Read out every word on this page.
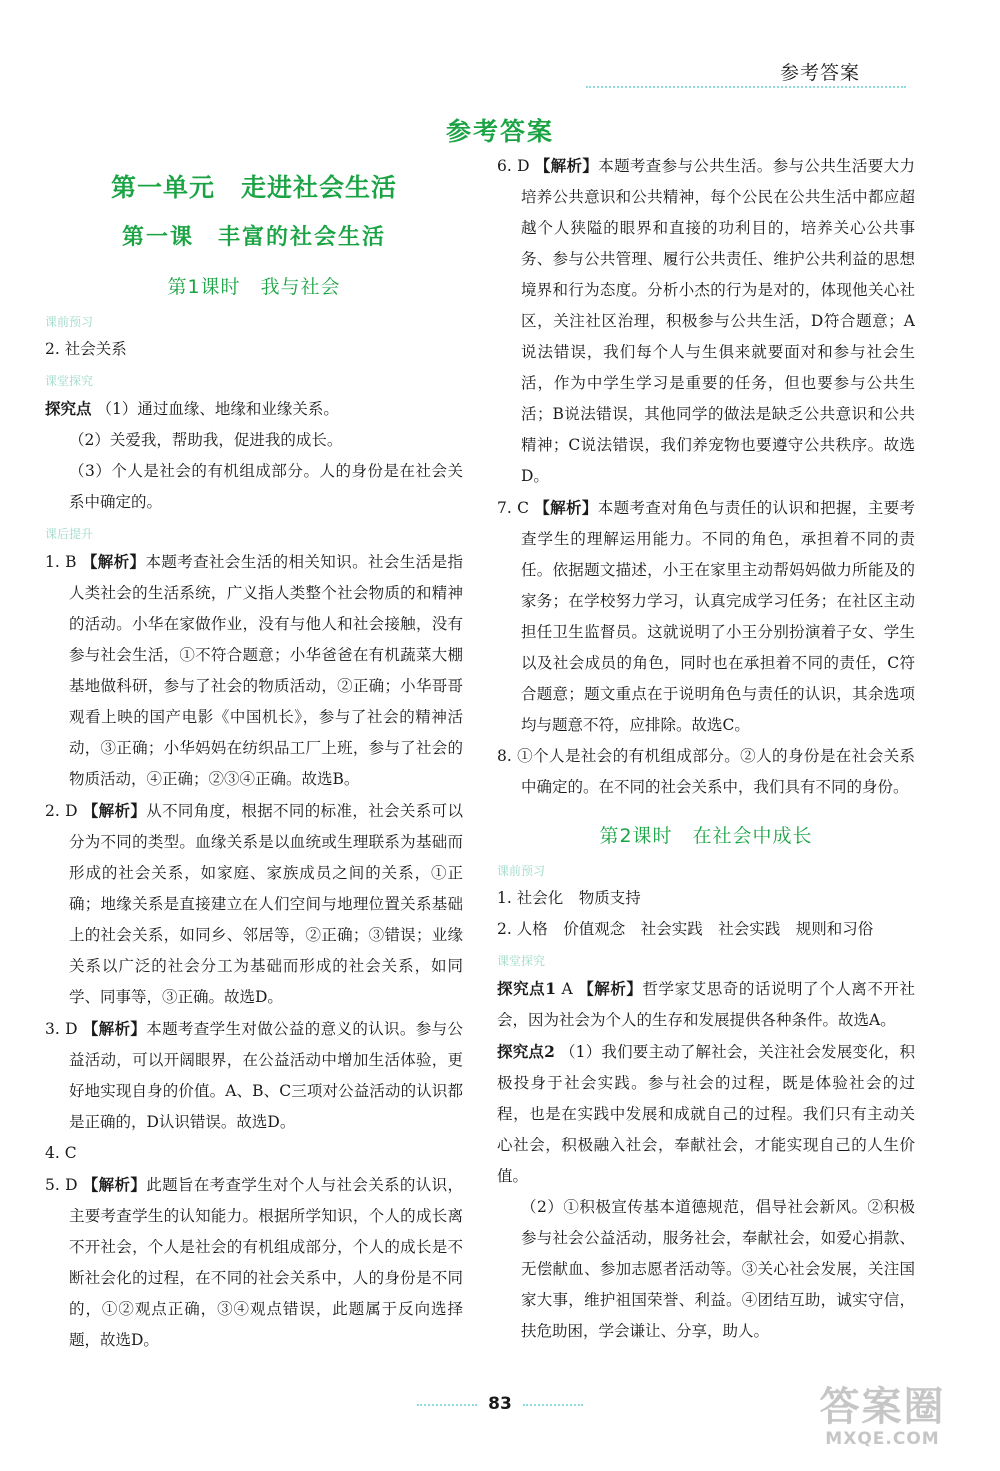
参考答案
参考答案
第一单元　走进社会生活
第一课　丰富的社会生活
第1课时　我与社会
课前预习

2. 社会关系

课堂探究

探究点 （1）通过血缘、地缘和业缘关系。

（2）关爱我，帮助我，促进我的成长。

（3）个人是社会的有机组成部分。人的身份是在社会关系中确定的。

课后提升

1. B 【解析】本题考查社会生活的相关知识。社会生活是指人类社会的生活系统，广义指人类整个社会物质的和精神的活动。小华在家做作业，没有与他人和社会接触，没有参与社会生活，①不符合题意；小华爸爸在有机蔬菜大棚基地做科研，参与了社会的物质活动，②正确；小华哥哥观看上映的国产电影《中国机长》，参与了社会的精神活动，③正确；小华妈妈在纺织品工厂上班，参与了社会的物质活动，④正确；②③④正确。故选B。

2. D 【解析】从不同角度，根据不同的标准，社会关系可以分为不同的类型。血缘关系是以血统或生理联系为基础而形成的社会关系，如家庭、家族成员之间的关系，①正确；地缘关系是直接建立在人们空间与地理位置关系基础上的社会关系，如同乡、邻居等，②正确；③错误；业缘关系以广泛的社会分工为基础而形成的社会关系，如同学、同事等，③正确。故选D。

3. D 【解析】本题考查学生对做公益的意义的认识。参与公益活动，可以开阔眼界，在公益活动中增加生活体验，更好地实现自身的价值。A、B、C三项对公益活动的认识都是正确的，D认识错误。故选D。

4. C

5. D 【解析】此题旨在考查学生对个人与社会关系的认识，主要考查学生的认知能力。根据所学知识，个人的成长离不开社会，个人是社会的有机组成部分，个人的成长是不断社会化的过程，在不同的社会关系中，人的身份是不同的，①②观点正确，③④观点错误，此题属于反向选择题，故选D。

6. D 【解析】本题考查参与公共生活。参与公共生活要大力培养公共意识和公共精神，每个公民在公共生活中都应超越个人狭隘的眼界和直接的功利目的，培养关心公共事务、参与公共管理、履行公共责任、维护公共利益的思想境界和行为态度。分析小杰的行为是对的，体现他关心社区，关注社区治理，积极参与公共生活，D符合题意；A说法错误，我们每个人与生俱来就要面对和参与社会生活，作为中学生学习是重要的任务，但也要参与公共生活；B说法错误，其他同学的做法是缺乏公共意识和公共精神；C说法错误，我们养宠物也要遵守公共秩序。故选D。

7. C 【解析】本题考查对角色与责任的认识和把握，主要考查学生的理解运用能力。不同的角色，承担着不同的责任。依据题文描述，小王在家里主动帮妈妈做力所能及的家务；在学校努力学习，认真完成学习任务；在社区主动担任卫生监督员。这就说明了小王分别扮演着子女、学生以及社会成员的角色，同时也在承担着不同的责任，C符合题意；题文重点在于说明角色与责任的认识，其余选项均与题意不符，应排除。故选C。

8. ①个人是社会的有机组成部分。②人的身份是在社会关系中确定的。在不同的社会关系中，我们具有不同的身份。

第2课时　在社会中成长
课前预习

1. 社会化　物质支持

2. 人格　价值观念　社会实践　社会实践　规则和习俗

课堂探究

探究点1 A 【解析】哲学家艾思奇的话说明了个人离不开社会，因为社会为个人的生存和发展提供各种条件。故选A。

探究点2 （1）我们要主动了解社会，关注社会发展变化，积极投身于社会实践。参与社会的过程，既是体验社会的过程，也是在实践中发展和成就自己的过程。我们只有主动关心社会，积极融入社会，奉献社会，才能实现自己的人生价值。

（2）①积极宣传基本道德规范，倡导社会新风。②积极参与社会公益活动，服务社会，奉献社会，如爱心捐款、无偿献血、参加志愿者活动等。③关心社会发展，关注国家大事，维护祖国荣誉、利益。④团结互助，诚实守信，扶危助困，学会谦让、分享，助人。

83	答案圈
MXQE.COM
